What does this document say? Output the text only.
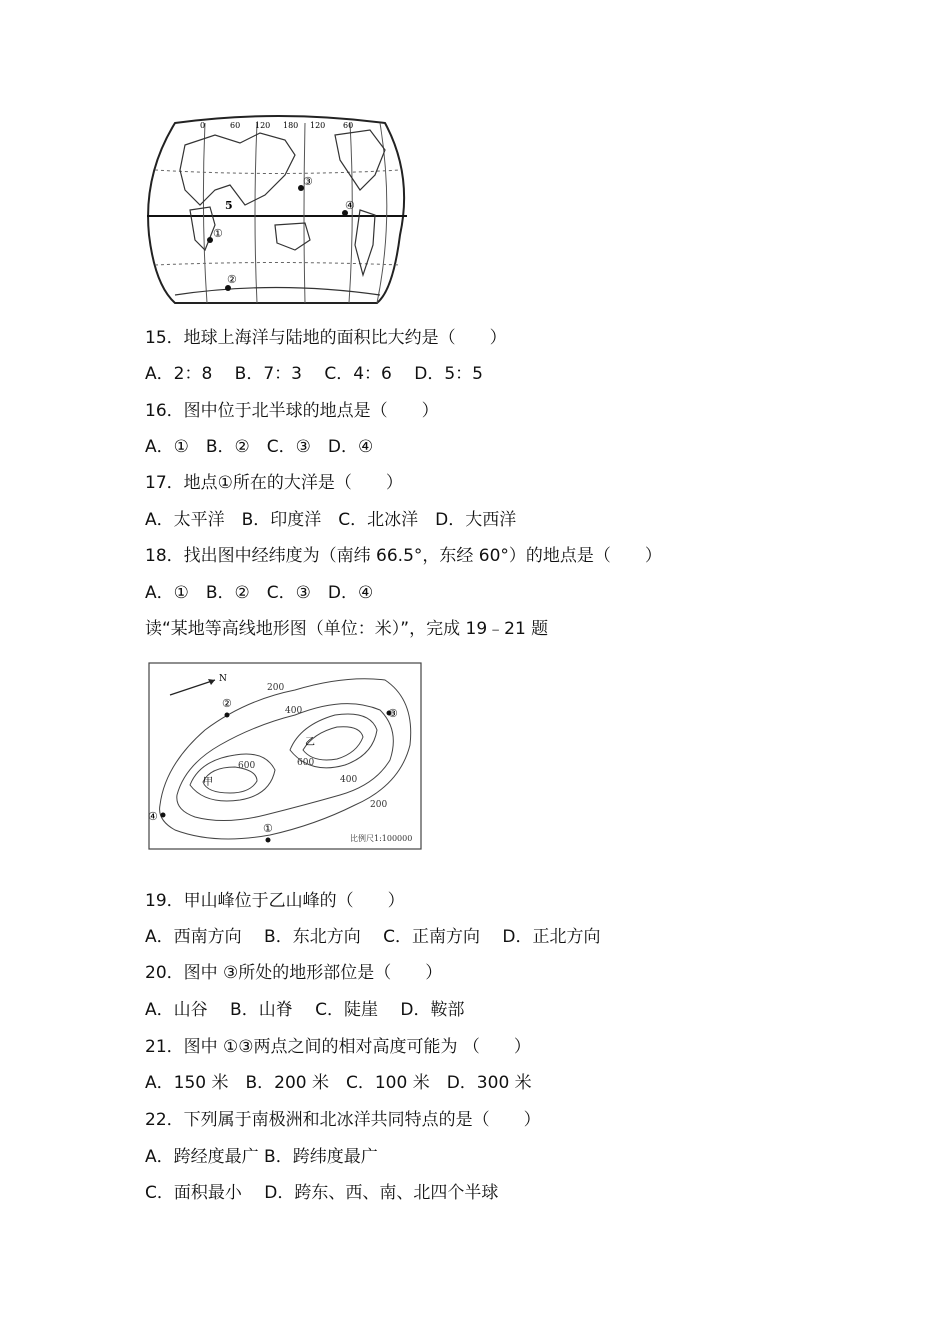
0	60 120 180 120 60
①
②
③
④
5
15．地球上海洋与陆地的面积比大约是（　　）
A．2：8　 B．7：3　 C．4：6　 D．5：5
16．图中位于北半球的地点是（　　）
A．①　B．②　C．③　D．④
17．地点①所在的大洋是（　　）
A．太平洋　B．印度洋　C．北冰洋　D．大西洋
18．找出图中经纬度为（南纬 66.5°，东经 60°）的地点是（　　）
A．①　B．②　C．③　D．④
读“某地等高线地形图（单位：米）”，完成 19﹣21 题
N
200
400
600	600
400
200
甲
乙
①
②
③
④
比例尺1:100000
19．甲山峰位于乙山峰的（　　）
A．西南方向　 B．东北方向　 C．正南方向　 D．正北方向
20．图中 ③所处的地形部位是（　　）
A．山谷　 B．山脊　 C．陡崖　 D．鞍部
21．图中 ①③两点之间的相对高度可能为 （　　）
A．150 米　B．200 米　C．100 米　D．300 米
22．下列属于南极洲和北冰洋共同特点的是（　　）
A．跨经度最广 B．跨纬度最广
C．面积最小　 D．跨东、西、南、北四个半球
